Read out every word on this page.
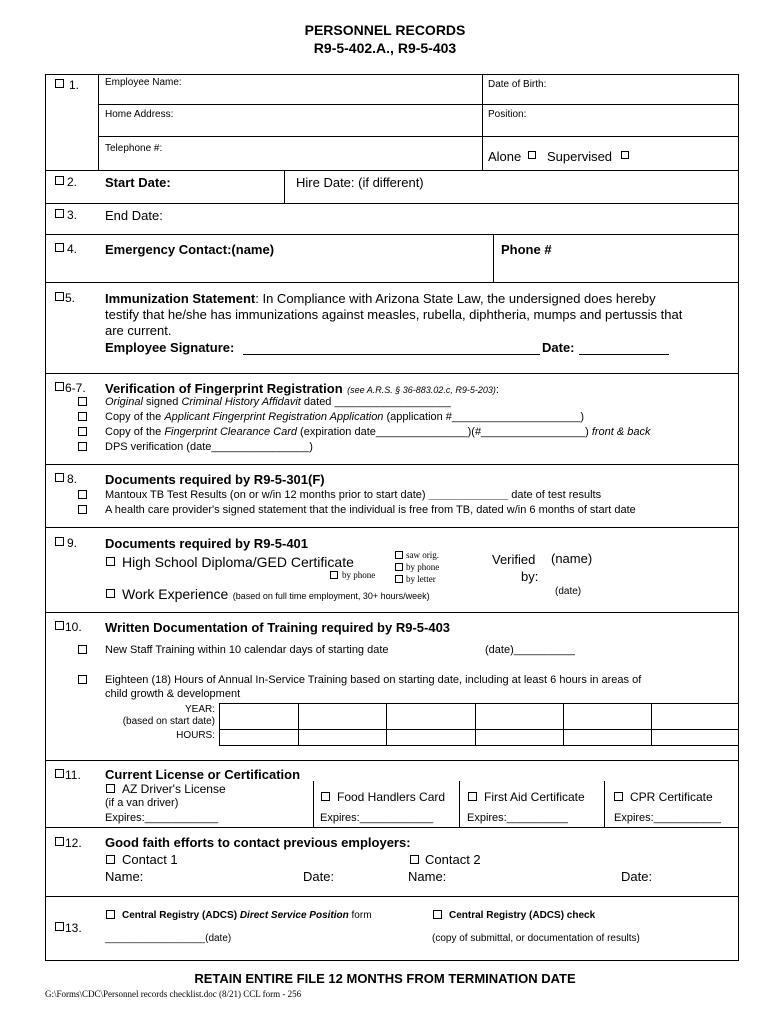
PERSONNEL RECORDS
R9-5-402.A., R9-5-403
1.	Employee Name:	Date of Birth:
Home Address:	Position:
Telephone #:
Alone Supervised
2. Start Date:	Hire Date: (if different)
3. End Date:
4. Emergency Contact:(name)	Phone #
5. Immunization Statement: In Compliance with Arizona State Law, the undersigned does hereby
testify that he/she has immunizations against measles, rubella, diphtheria, mumps and pertussis that
are current.
Employee Signature:	Date:
6-7. Verification of Fingerprint Registration (see A.R.S. § 36-883.02.c, R9-5-203):
Original signed Criminal History Affidavit dated ___________________
Copy of the Applicant Fingerprint Registration Application (application #_____________________)
Copy of the Fingerprint Clearance Card (expiration date_______________)(#_________________) front & back
DPS verification (date________________)
8. Documents required by R9-5-301(F)
Mantoux TB Test Results (on or w/in 12 months prior to start date) _____________ date of test results
A health care provider's signed statement that the individual is free from TB, dated w/in 6 months of start date
9. Documents required by R9-5-401
High School Diploma/GED Certificate	saw orig.
by phone
by phone	by letter
Verified
by:
(name)
Work Experience (based on full time employment, 30+ hours/week)	(date)
10. Written Documentation of Training required by R9-5-403
New Staff Training within 10 calendar days of starting date	(date)__________
Eighteen (18) Hours of Annual In-Service Training based on starting date, including at least 6 hours in areas of
child growth & development
YEAR:
(based on start date)
HOURS:
11. Current License or Certification
AZ Driver's License
(if a van driver)
Expires:____________
Food Handlers Card
Expires:____________
First Aid Certificate
Expires:__________
CPR Certificate
Expires:___________
12. Good faith efforts to contact previous employers:
Contact 1	Contact 2
Name:	Date:	Name:	Date:
13.
Central Registry (ADCS) Direct Service Position form
__________________(date)
Central Registry (ADCS) check
(copy of submittal, or documentation of results)
RETAIN ENTIRE FILE 12 MONTHS FROM TERMINATION DATE
G:\Forms\CDC\Personnel records checklist.doc (8/21) CCL form - 256
